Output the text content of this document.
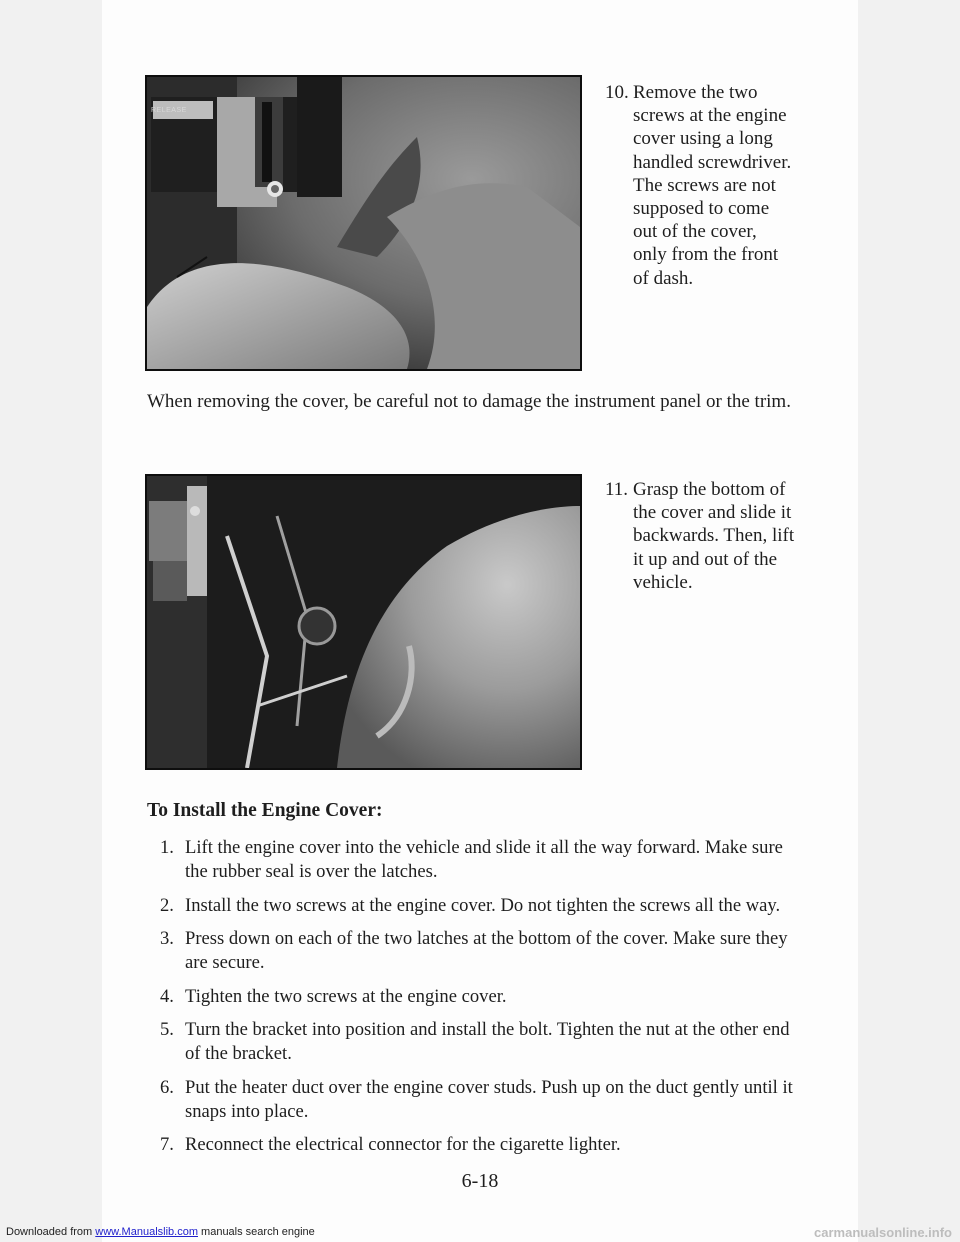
RELEASE
10. Remove the two screws at the engine cover using a long handled screwdriver. The screws are not supposed to come out of the cover, only from the front of dash.
When removing the cover, be careful not to damage the instrument panel or the trim.
11. Grasp the bottom of the cover and slide it backwards. Then, lift it up and out of the vehicle.
To Install the Engine Cover:
1. Lift the engine cover into the vehicle and slide it all the way forward. Make sure the rubber seal is over the latches.
2. Install the two screws at the engine cover. Do not tighten the screws all the way.
3. Press down on each of the two latches at the bottom of the cover. Make sure they are secure.
4. Tighten the two screws at the engine cover.
5. Turn the bracket into position and install the bolt. Tighten the nut at the other end of the bracket.
6. Put the heater duct over the engine cover studs. Push up on the duct gently until it snaps into place.
7. Reconnect the electrical connector for the cigarette lighter.
6-18
Downloaded from www.Manualslib.com manuals search engine	carmanualsonline.info
